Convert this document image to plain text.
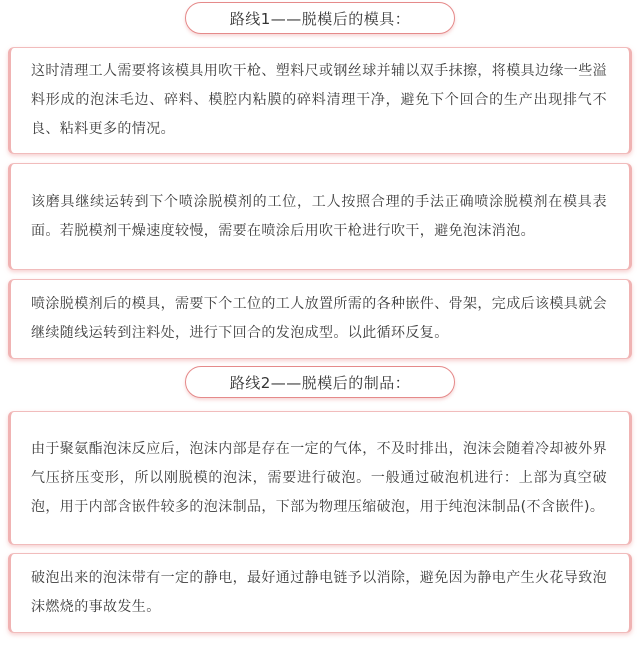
路线1——脱模后的模具：

这时清理工人需要将该模具用吹干枪、塑料尺或钢丝球并辅以双手抹擦，将模具边缘一些溢料形成的泡沫毛边、碎料、模腔内粘膜的碎料清理干净，避免下个回合的生产出现排气不良、粘料更多的情况。

该磨具继续运转到下个喷涂脱模剂的工位，工人按照合理的手法正确喷涂脱模剂在模具表面。若脱模剂干燥速度较慢，需要在喷涂后用吹干枪进行吹干，避免泡沫消泡。

喷涂脱模剂后的模具，需要下个工位的工人放置所需的各种嵌件、骨架，完成后该模具就会继续随线运转到注料处，进行下回合的发泡成型。以此循环反复。

路线2——脱模后的制品：

由于聚氨酯泡沫反应后，泡沫内部是存在一定的气体，不及时排出，泡沫会随着冷却被外界气压挤压变形，所以刚脱模的泡沫，需要进行破泡。一般通过破泡机进行：上部为真空破泡，用于内部含嵌件较多的泡沫制品，下部为物理压缩破泡，用于纯泡沫制品(不含嵌件)。

破泡出来的泡沫带有一定的静电，最好通过静电链予以消除，避免因为静电产生火花导致泡沫燃烧的事故发生。
